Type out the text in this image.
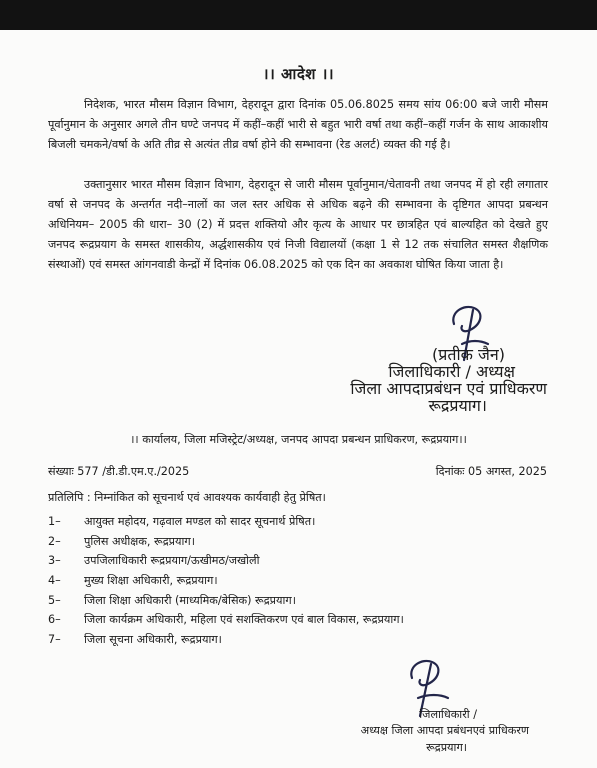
।। आदेश ।।

निदेशक, भारत मौसम विज्ञान विभाग, देहरादून द्वारा दिनांक 05.06.8025 समय सांय 06:00 बजे जारी मौसम पूर्वानुमान के अनुसार अगले तीन घण्टे जनपद में कहीं–कहीं भारी से बहुत भारी वर्षा तथा कहीं–कहीं गर्जन के साथ आकाशीय बिजली चमकने/वर्षा के अति तीव्र से अत्यंत तीव्र वर्षा होने की सम्भावना (रेड अलर्ट) व्यक्त की गई है।

उक्तानुसार भारत मौसम विज्ञान विभाग, देहरादून से जारी मौसम पूर्वानुमान/चेतावनी तथा जनपद में हो रही लगातार वर्षा से जनपद के अन्तर्गत नदी–नालों का जल स्तर अधिक से अधिक बढ़ने की सम्भावना के दृष्टिगत आपदा प्रबन्धन अधिनियम– 2005 की धारा– 30 (2) में प्रदत्त शक्तियो और कृत्य के आधार पर छात्रहित एवं बाल्यहित को देखते हुए जनपद रूद्रप्रयाग के समस्त शासकीय, अर्द्धशासकीय एवं निजी विद्यालयों (कक्षा 1 से 12 तक संचालित समस्त शैक्षणिक संस्थाओं) एवं समस्त आंगनवाडी केन्द्रों में दिनांक 06.08.2025 को एक दिन का अवकाश घोषित किया जाता है।

(प्रतीक जैन)
जिलाधिकारी / अध्यक्ष
जिला आपदाप्रबंधन एवं प्राधिकरण
रूद्रप्रयाग।
।। कार्यालय, जिला मजिस्ट्रेट/अध्यक्ष, जनपद आपदा प्रबन्धन प्राधिकरण, रूद्रप्रयाग।।
संख्याः 577 /डी.डी.एम.ए./2025	दिनांकः 05 अगस्त, 2025
प्रतिलिपि : निम्नांकित को सूचनार्थ एवं आवश्यक कार्यवाही हेतु प्रेषित।
1– आयुक्त महोदय, गढ़वाल मण्डल को सादर सूचनार्थ प्रेषित।
2– पुलिस अधीक्षक, रूद्रप्रयाग।
3– उपजिलाधिकारी रूद्रप्रयाग/ऊखीमठ/जखोली
4– मुख्य शिक्षा अधिकारी, रूद्रप्रयाग।
5– जिला शिक्षा अधिकारी (माध्यमिक/बेसिक) रूद्रप्रयाग।
6– जिला कार्यक्रम अधिकारी, महिला एवं सशक्तिकरण एवं बाल विकास, रूद्रप्रयाग।
7– जिला सूचना अधिकारी, रूद्रप्रयाग।
जिलाधिकारी /
अध्यक्ष जिला आपदा प्रबंधनएवं प्राधिकरण
रूद्रप्रयाग।
